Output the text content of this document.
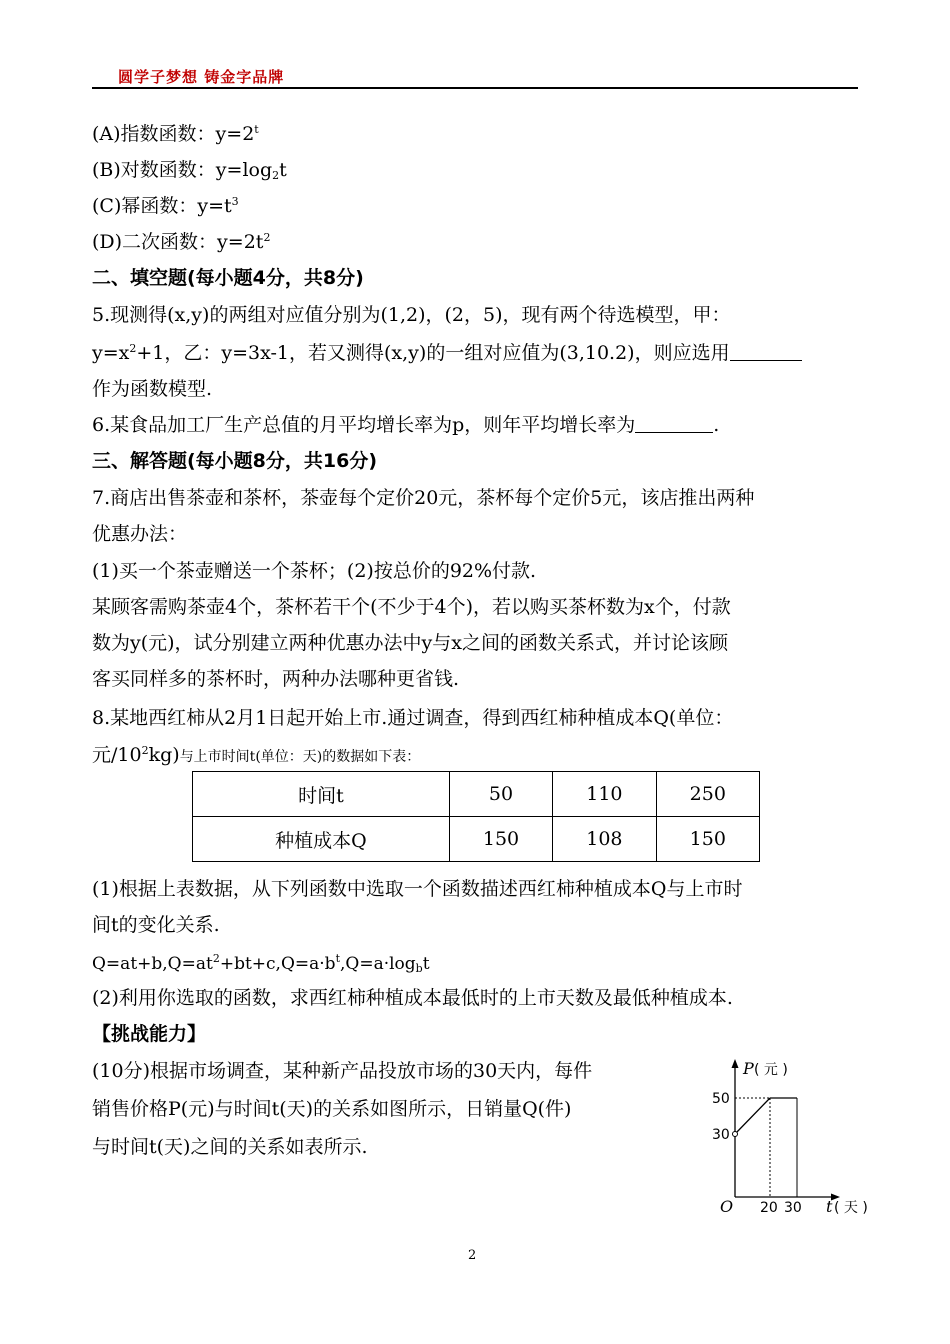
圆学子梦想 铸金字品牌
(A)指数函数：$y=2^t$
(B)对数函数：$y=\log_2t$
(C)幂函数：$y=t^3$
(D)二次函数：$y=2t^2$
二、填空题(每小题4分，共8分)
5.现测得(x,y)的两组对应值分别为(1,2)，(2，5)，现有两个待选模型，甲：
$y=x^2+1$，乙：y=3x-1，若又测得(x,y)的一组对应值为(3,10.2)，则应选用
作为函数模型.
6.某食品加工厂生产总值的月平均增长率为p，则年平均增长率为	.
三、解答题(每小题8分，共16分)
7.商店出售茶壶和茶杯，茶壶每个定价20元，茶杯每个定价5元，该店推出两种
优惠办法：
(1)买一个茶壶赠送一个茶杯；(2)按总价的92%付款.
某顾客需购茶壶4个，茶杯若干个(不少于4个)，若以购买茶杯数为x个，付款
数为y(元)，试分别建立两种优惠办法中y与x之间的函数关系式，并讨论该顾
客买同样多的茶杯时，两种办法哪种更省钱.
8.某地西红柿从2月1日起开始上市.通过调查，得到西红柿种植成本Q(单位：
元$/10^2kg$)与上市时间t(单位：天)的数据如下表：
时间t	50	110	250
种植成本Q	150	108	150
(1)根据上表数据，从下列函数中选取一个函数描述西红柿种植成本Q与上市时
间t的变化关系.
$Q=at+b,Q=at^2+bt+c,Q=a\cdot b^t,Q=a\cdot\log_bt$
(2)利用你选取的函数，求西红柿种植成本最低时的上市天数及最低种植成本.
【挑战能力】
(10分)根据市场调查，某种新产品投放市场的30天内，每件
销售价格P(元)与时间t(天)的关系如图所示，日销量Q(件)
与时间t(天)之间的关系如表所示.
P ( 元 )
50
30
O 20 30 t ( 天 )
2
